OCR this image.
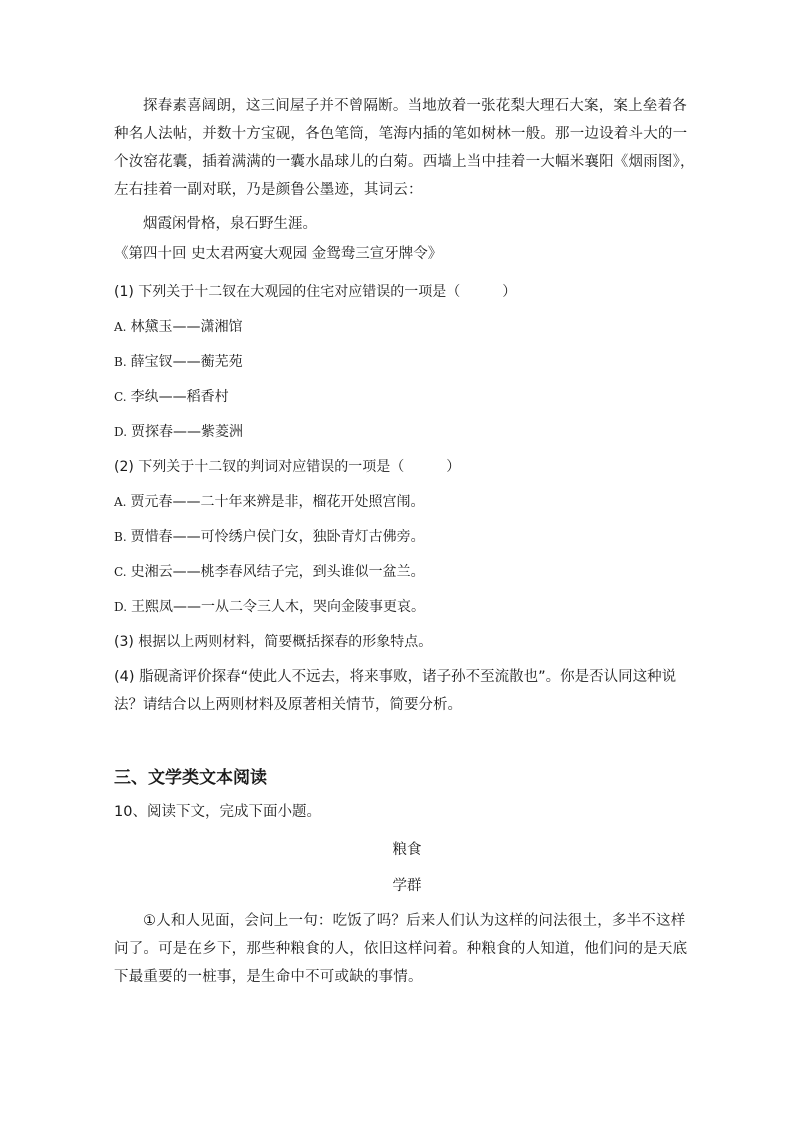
探春素喜阔朗，这三间屋子并不曾隔断。当地放着一张花梨大理石大案，案上垒着各种名人法帖，并数十方宝砚，各色笔筒，笔海内插的笔如树林一般。那一边设着斗大的一个汝窑花囊，插着满满的一囊水晶球儿的白菊。西墙上当中挂着一大幅米襄阳《烟雨图》，左右挂着一副对联，乃是颜鲁公墨迹，其词云：

烟霞闲骨格，泉石野生涯。

《第四十回 史太君两宴大观园 金鸳鸯三宣牙牌令》

(1) 下列关于十二钗在大观园的住宅对应错误的一项是（　　　）

A. 林黛玉——潇湘馆

B. 薛宝钗——蘅芜苑

C. 李纨——稻香村

D. 贾探春——紫菱洲

(2) 下列关于十二钗的判词对应错误的一项是（　　　）

A. 贾元春——二十年来辨是非，榴花开处照宫闱。

B. 贾惜春——可怜绣户侯门女，独卧青灯古佛旁。

C. 史湘云——桃李春风结子完，到头谁似一盆兰。

D. 王熙凤——一从二令三人木，哭向金陵事更哀。

(3) 根据以上两则材料，简要概括探春的形象特点。

(4) 脂砚斋评价探春“使此人不远去，将来事败，诸子孙不至流散也”。你是否认同这种说法？请结合以上两则材料及原著相关情节，简要分析。

三、文学类文本阅读

10、阅读下文，完成下面小题。

粮食

学群

①人和人见面，会问上一句：吃饭了吗？后来人们认为这样的问法很土，多半不这样问了。可是在乡下，那些种粮食的人，依旧这样问着。种粮食的人知道，他们问的是天底下最重要的一桩事，是生命中不可或缺的事情。
